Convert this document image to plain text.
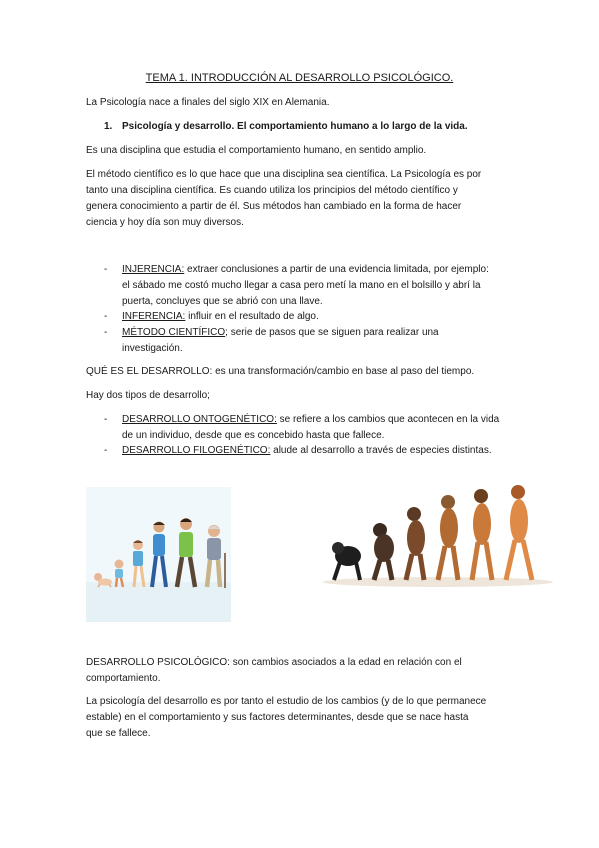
TEMA 1. INTRODUCCIÓN AL DESARROLLO PSICOLÓGICO.
La Psicología nace a finales del siglo XIX en Alemania.
1. Psicología y desarrollo. El comportamiento humano a lo largo de la vida.
Es una disciplina que estudia el comportamiento humano, en sentido amplio.
El método científico es lo que hace que una disciplina sea científica. La Psicología es por
tanto una disciplina científica. Es cuando utiliza los principios del método científico y
genera conocimiento a partir de él. Sus métodos han cambiado en la forma de hacer
ciencia y hoy día son muy diversos.
- INJERENCIA: extraer conclusiones a partir de una evidencia limitada, por ejemplo:
el sábado me costó mucho llegar a casa pero metí la mano en el bolsillo y abrí la
puerta, concluyes que se abrió con una llave.
- INFERENCIA: influir en el resultado de algo.
- MÉTODO CIENTÍFICO; serie de pasos que se siguen para realizar una
investigación.
QUÉ ES EL DESARROLLO: es una transformación/cambio en base al paso del tiempo.
Hay dos tipos de desarrollo;
- DESARROLLO ONTOGENÉTICO: se refiere a los cambios que acontecen en la vida
de un individuo, desde que es concebido hasta que fallece.
- DESARROLLO FILOGENÉTICO: alude al desarrollo a través de especies distintas.
DESARROLLO PSICOLÓGICO: son cambios asociados a la edad en relación con el
comportamiento.
La psicología del desarrollo es por tanto el estudio de los cambios (y de lo que permanece
estable) en el comportamiento y sus factores determinantes, desde que se nace hasta
que se fallece.
